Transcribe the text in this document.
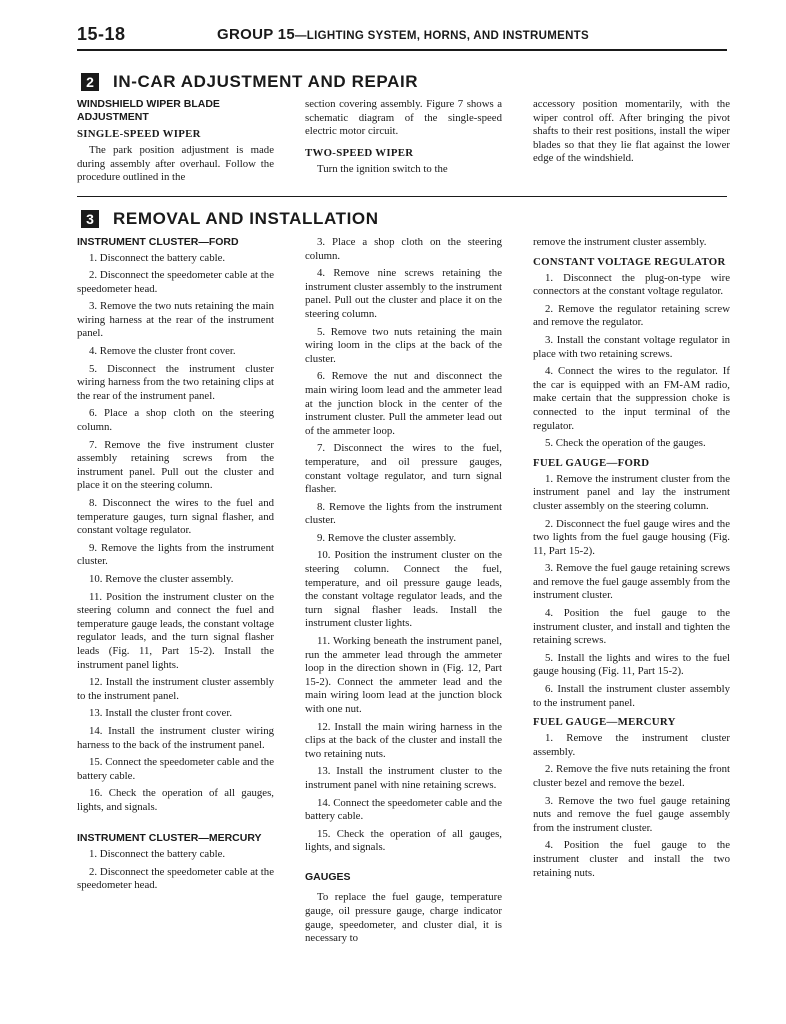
15-18	GROUP 15—LIGHTING SYSTEM, HORNS, AND INSTRUMENTS
2	IN-CAR ADJUSTMENT AND REPAIR
WINDSHIELD WIPER BLADE ADJUSTMENT
SINGLE-SPEED WIPER

The park position adjustment is made during assembly after overhaul. Follow the procedure outlined in the

section covering assembly. Figure 7 shows a schematic diagram of the single-speed electric motor circuit.

TWO-SPEED WIPER

Turn the ignition switch to the

accessory position momentarily, with the wiper control off. After bringing the pivot shafts to their rest positions, install the wiper blades so that they lie flat against the lower edge of the windshield.

3	REMOVAL AND INSTALLATION
INSTRUMENT CLUSTER—FORD

1. Disconnect the battery cable.

2. Disconnect the speedometer cable at the speedometer head.

3. Remove the two nuts retaining the main wiring harness at the rear of the instrument panel.

4. Remove the cluster front cover.

5. Disconnect the instrument cluster wiring harness from the two retaining clips at the rear of the instrument panel.

6. Place a shop cloth on the steering column.

7. Remove the five instrument cluster assembly retaining screws from the instrument panel. Pull out the cluster and place it on the steering column.

8. Disconnect the wires to the fuel and temperature gauges, turn signal flasher, and constant voltage regulator.

9. Remove the lights from the instrument cluster.

10. Remove the cluster assembly.

11. Position the instrument cluster on the steering column and connect the fuel and temperature gauge leads, the constant voltage regulator leads, and the turn signal flasher leads (Fig. 11, Part 15-2). Install the instrument panel lights.

12. Install the instrument cluster assembly to the instrument panel.

13. Install the cluster front cover.

14. Install the instrument cluster wiring harness to the back of the instrument panel.

15. Connect the speedometer cable and the battery cable.

16. Check the operation of all gauges, lights, and signals.

INSTRUMENT CLUSTER—MERCURY

1. Disconnect the battery cable.

2. Disconnect the speedometer cable at the speedometer head.

3. Place a shop cloth on the steering column.

4. Remove nine screws retaining the instrument cluster assembly to the instrument panel. Pull out the cluster and place it on the steering column.

5. Remove two nuts retaining the main wiring loom in the clips at the back of the cluster.

6. Remove the nut and disconnect the main wiring loom lead and the ammeter lead at the junction block in the center of the instrument cluster. Pull the ammeter lead out of the ammeter loop.

7. Disconnect the wires to the fuel, temperature, and oil pressure gauges, constant voltage regulator, and turn signal flasher.

8. Remove the lights from the instrument cluster.

9. Remove the cluster assembly.

10. Position the instrument cluster on the steering column. Connect the fuel, temperature, and oil pressure gauge leads, the constant voltage regulator leads, and the turn signal flasher leads. Install the instrument cluster lights.

11. Working beneath the instrument panel, run the ammeter lead through the ammeter loop in the direction shown in (Fig. 12, Part 15-2). Connect the ammeter lead and the main wiring loom lead at the junction block with one nut.

12. Install the main wiring harness in the clips at the back of the cluster and install the two retaining nuts.

13. Install the instrument cluster to the instrument panel with nine retaining screws.

14. Connect the speedometer cable and the battery cable.

15. Check the operation of all gauges, lights, and signals.

GAUGES

To replace the fuel gauge, temperature gauge, oil pressure gauge, charge indicator gauge, speedometer, and cluster dial, it is necessary to

remove the instrument cluster assembly.

CONSTANT VOLTAGE REGULATOR

1. Disconnect the plug-on-type wire connectors at the constant voltage regulator.

2. Remove the regulator retaining screw and remove the regulator.

3. Install the constant voltage regulator in place with two retaining screws.

4. Connect the wires to the regulator. If the car is equipped with an FM-AM radio, make certain that the suppression choke is connected to the input terminal of the regulator.

5. Check the operation of the gauges.

FUEL GAUGE—FORD

1. Remove the instrument cluster from the instrument panel and lay the instrument cluster assembly on the steering column.

2. Disconnect the fuel gauge wires and the two lights from the fuel gauge housing (Fig. 11, Part 15-2).

3. Remove the fuel gauge retaining screws and remove the fuel gauge assembly from the instrument cluster.

4. Position the fuel gauge to the instrument cluster, and install and tighten the retaining screws.

5. Install the lights and wires to the fuel gauge housing (Fig. 11, Part 15-2).

6. Install the instrument cluster assembly to the instrument panel.

FUEL GAUGE—MERCURY

1. Remove the instrument cluster assembly.

2. Remove the five nuts retaining the front cluster bezel and remove the bezel.

3. Remove the two fuel gauge retaining nuts and remove the fuel gauge assembly from the instrument cluster.

4. Position the fuel gauge to the instrument cluster and install the two retaining nuts.
